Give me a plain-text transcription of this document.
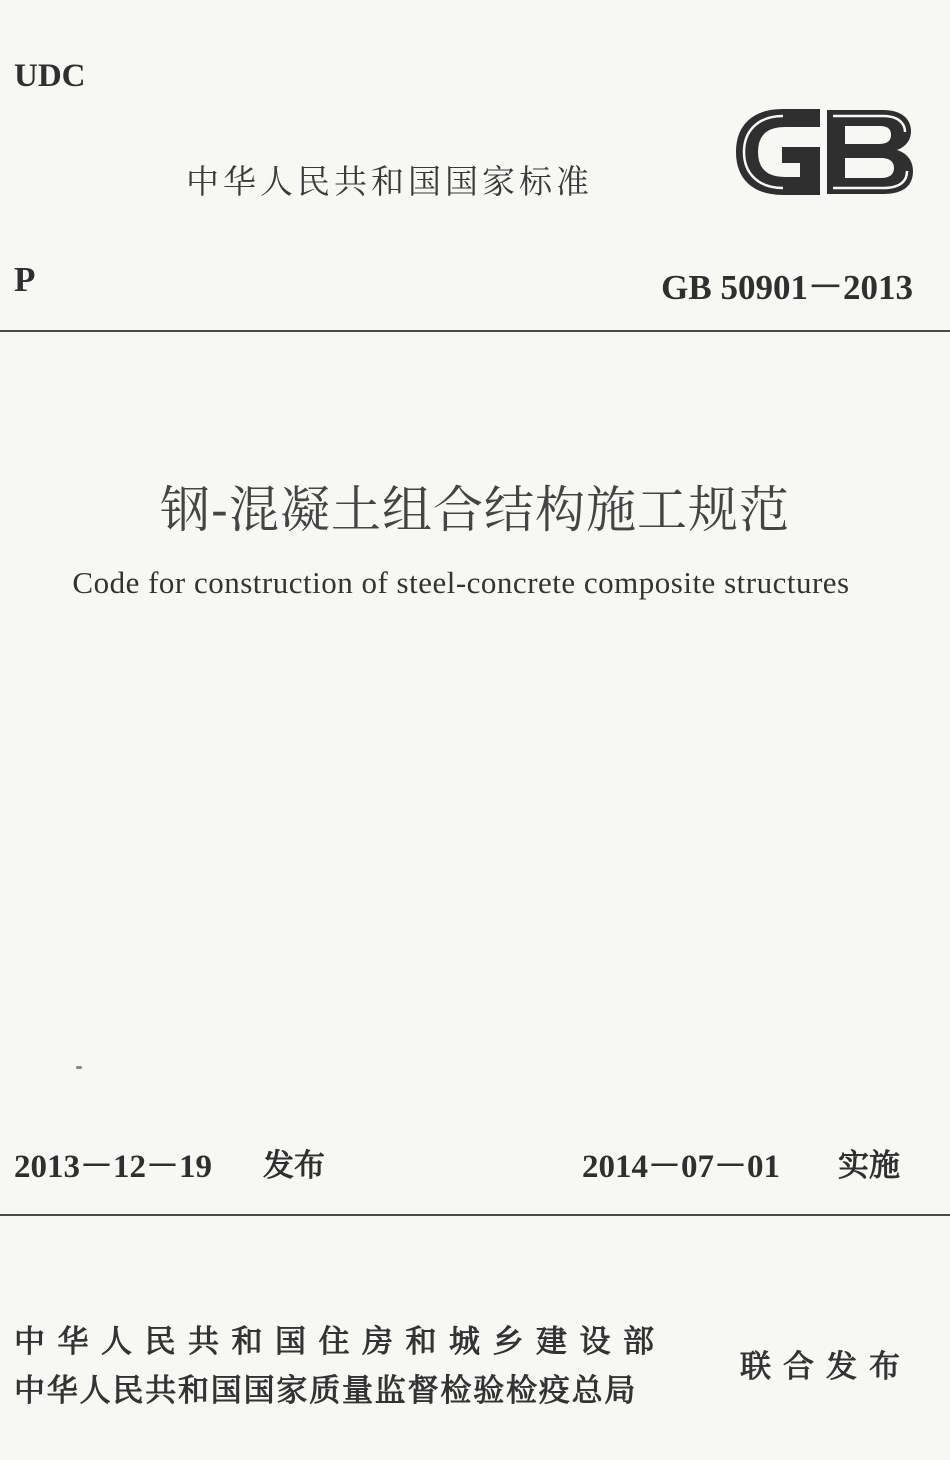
UDC
中华人民共和国国家标准
P	GB 50901－2013
钢-混凝土组合结构施工规范
Code for construction of steel-concrete composite structures
2013－12－19 发布	2014－07－01 实施
中华人民共和国住房和城乡建设部
中华人民共和国国家质量监督检验检疫总局
联合发布
